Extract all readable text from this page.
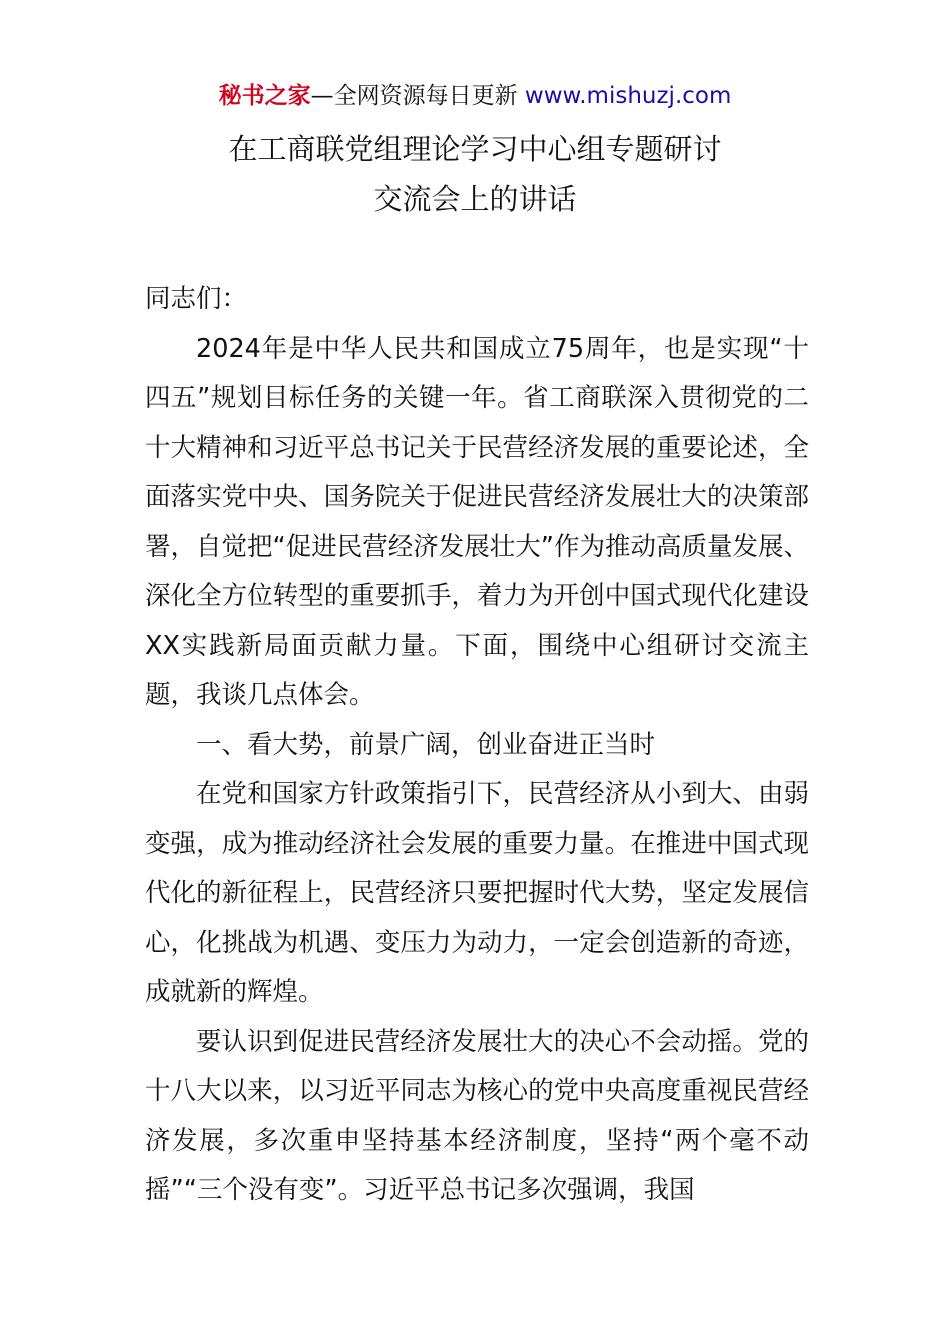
秘书之家—全网资源每日更新 www.mishuzj.com
在工商联党组理论学习中心组专题研讨
交流会上的讲话

同志们：

2024年是中华人民共和国成立75周年，也是实现“十四五”规划目标任务的关键一年。省工商联深入贯彻党的二十大精神和习近平总书记关于民营经济发展的重要论述，全面落实党中央、国务院关于促进民营经济发展壮大的决策部署，自觉把“促进民营经济发展壮大”作为推动高质量发展、深化全方位转型的重要抓手，着力为开创中国式现代化建设XX实践新局面贡献力量。下面，围绕中心组研讨交流主题，我谈几点体会。

一、看大势，前景广阔，创业奋进正当时

在党和国家方针政策指引下，民营经济从小到大、由弱变强，成为推动经济社会发展的重要力量。在推进中国式现代化的新征程上，民营经济只要把握时代大势，坚定发展信心，化挑战为机遇、变压力为动力，一定会创造新的奇迹，成就新的辉煌。

要认识到促进民营经济发展壮大的决心不会动摇。党的十八大以来，以习近平同志为核心的党中央高度重视民营经济发展，多次重申坚持基本经济制度，坚持“两个毫不动摇”“三个没有变”。习近平总书记多次强调，我国
